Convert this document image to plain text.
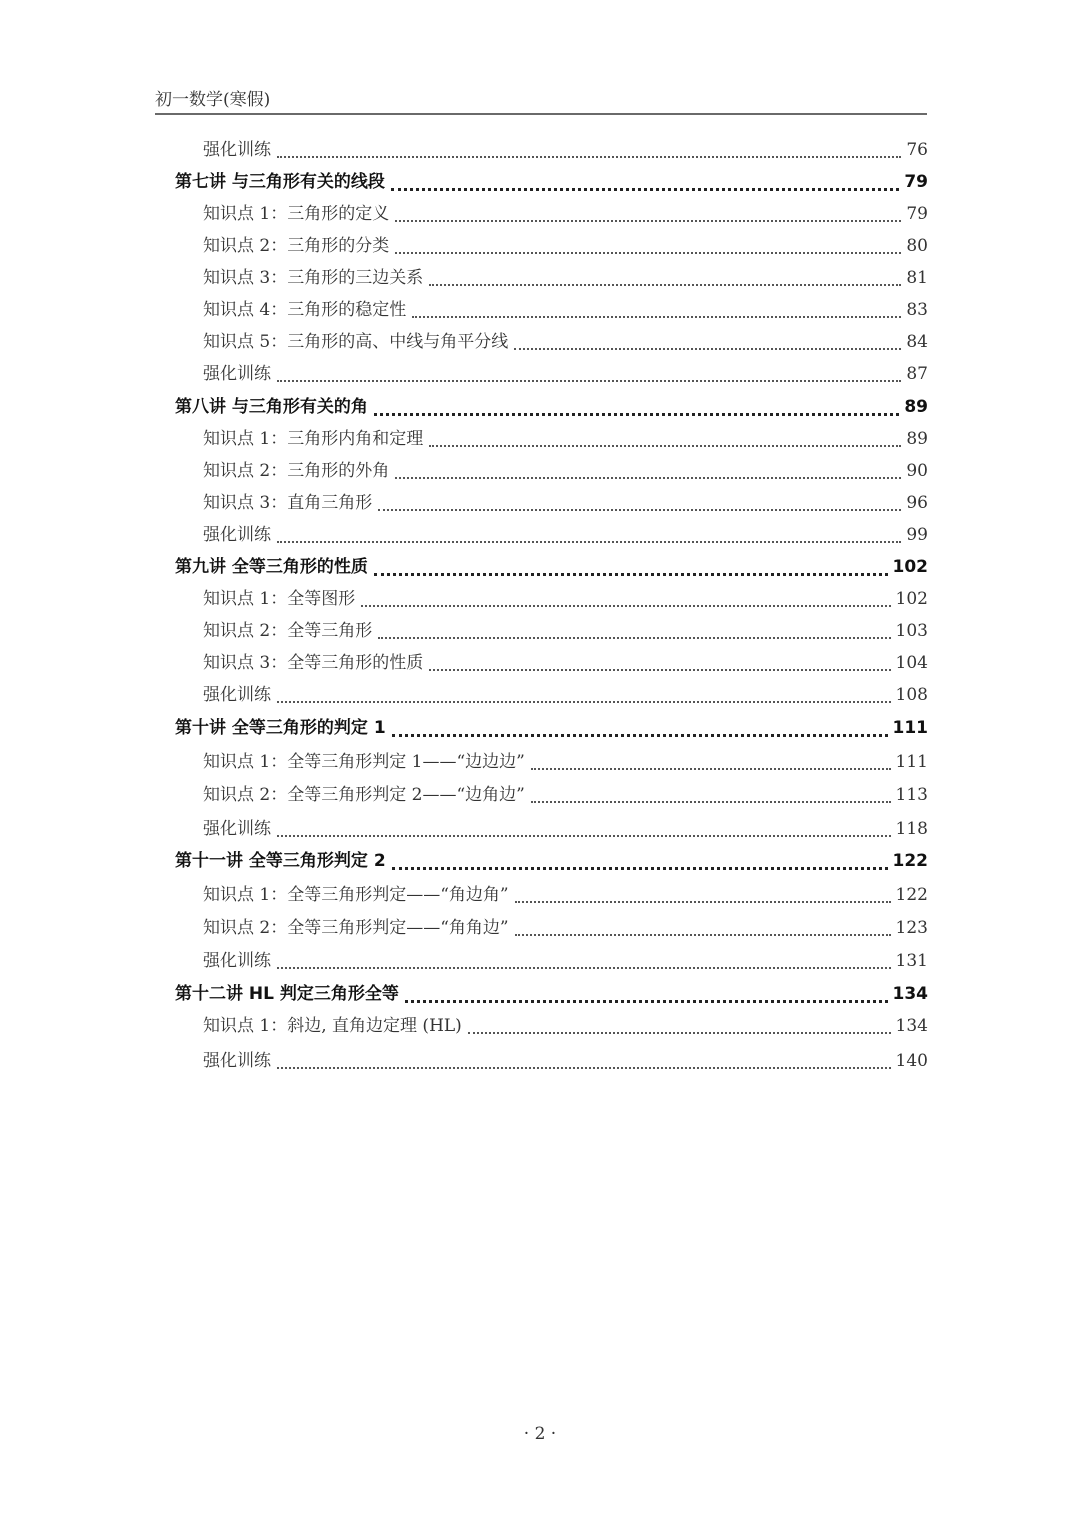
初一数学(寒假)
强化训练	76
第七讲 与三角形有关的线段	79
知识点 1：三角形的定义	79
知识点 2：三角形的分类	80
知识点 3：三角形的三边关系	81
知识点 4：三角形的稳定性	83
知识点 5：三角形的高、中线与角平分线	84
强化训练	87
第八讲 与三角形有关的角	89
知识点 1：三角形内角和定理	89
知识点 2：三角形的外角	90
知识点 3：直角三角形	96
强化训练	99
第九讲 全等三角形的性质	102
知识点 1：全等图形	102
知识点 2：全等三角形	103
知识点 3：全等三角形的性质	104
强化训练	108
第十讲 全等三角形的判定 1	111
知识点 1：全等三角形判定 1——“边边边”	111
知识点 2：全等三角形判定 2——“边角边”	113
强化训练	118
第十一讲 全等三角形判定 2	122
知识点 1：全等三角形判定——“角边角”	122
知识点 2：全等三角形判定——“角角边”	123
强化训练	131
第十二讲 HL 判定三角形全等	134
知识点 1：斜边, 直角边定理 (HL)	134
强化训练	140
· 2 ·
